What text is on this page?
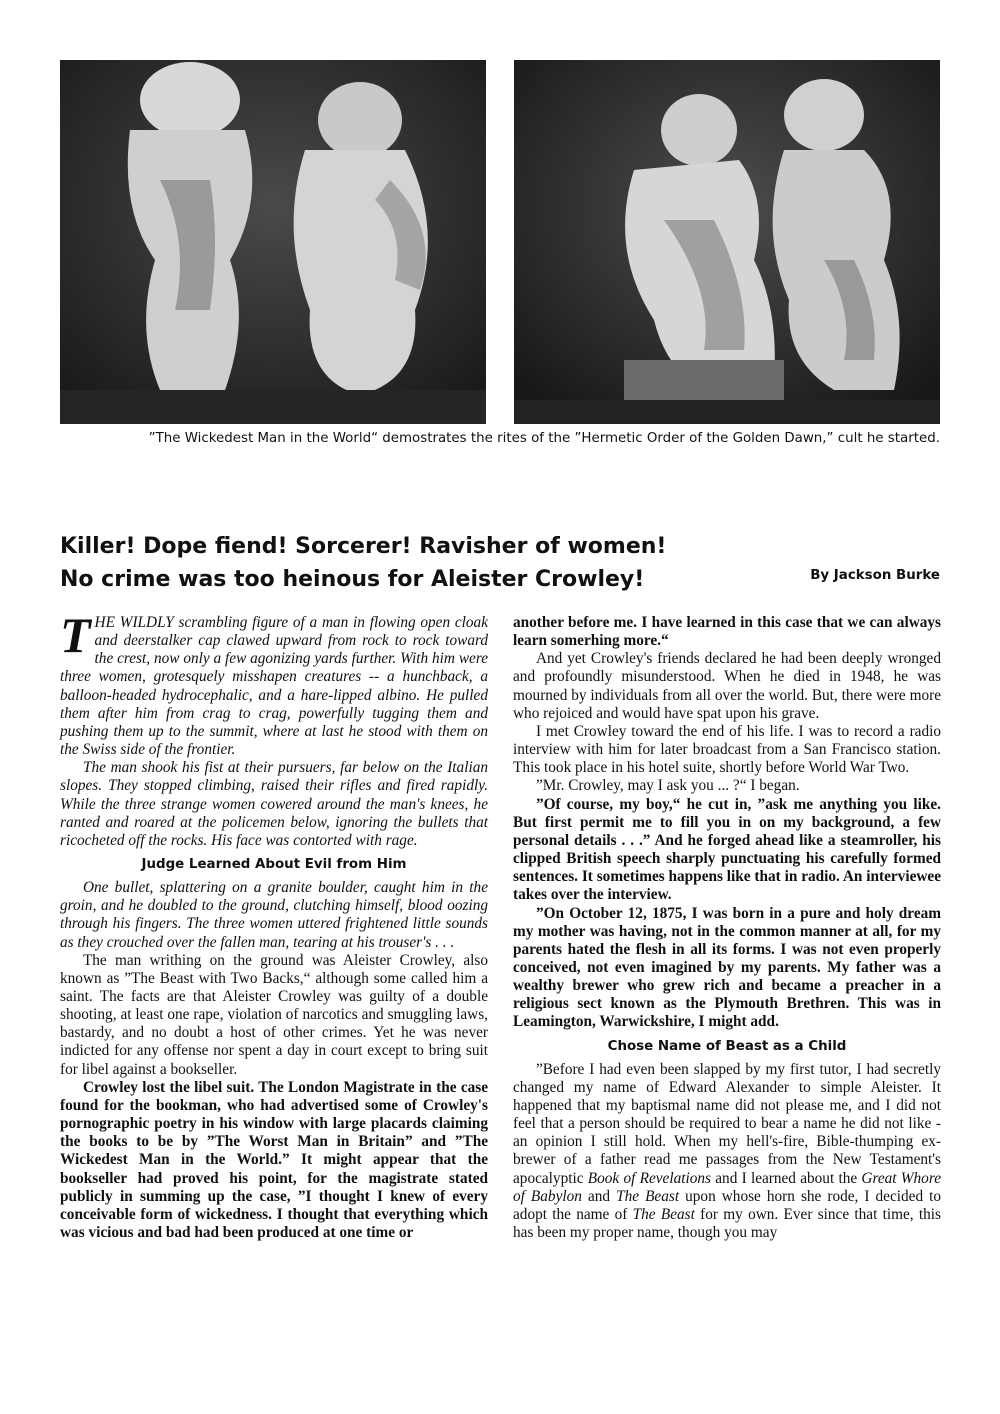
”The Wickedest Man in the World“ demostrates the rites of the ”Hermetic Order of the Golden Dawn,” cult he started.
Killer! Dope fiend! Sorcerer! Ravisher of women!
No crime was too heinous for Aleister Crowley!	By Jackson Burke

THE WILDLY scrambling figure of a man in flowing open cloak and deerstalker cap clawed upward from rock to rock toward the crest, now only a few agonizing yards further. With him were three women, grotesquely misshapen creatures -- a hunchback, a balloon-headed hydrocephalic, and a hare-lipped albino. He pulled them after him from crag to crag, powerfully tugging them and pushing them up to the summit, where at last he stood with them on the Swiss side of the frontier.

The man shook his fist at their pursuers, far below on the Italian slopes. They stopped climbing, raised their rifles and fired rapidly. While the three strange women cowered around the man's knees, he ranted and roared at the policemen below, ignoring the bullets that ricocheted off the rocks. His face was contorted with rage.

Judge Learned About Evil from Him

One bullet, splattering on a granite boulder, caught him in the groin, and he doubled to the ground, clutching himself, blood oozing through his fingers. The three women uttered frightened little sounds as they crouched over the fallen man, tearing at his trouser's . . .

The man writhing on the ground was Aleister Crowley, also known as ”The Beast with Two Backs,“ although some called him a saint. The facts are that Aleister Crowley was guilty of a double shooting, at least one rape, violation of narcotics and smuggling laws, bastardy, and no doubt a host of other crimes. Yet he was never indicted for any offense nor spent a day in court except to bring suit for libel against a bookseller.

Crowley lost the libel suit. The London Magistrate in the case found for the bookman, who had advertised some of Crowley's pornographic poetry in his window with large placards claiming the books to be by ”The Worst Man in Britain” and ”The Wickedest Man in the World.” It might appear that the bookseller had proved his point, for the magistrate stated publicly in summing up the case, ”I thought I knew of every conceivable form of wickedness. I thought that everything which was vicious and bad had been produced at one time or

another before me. I have learned in this case that we can always learn somerhing more.“

And yet Crowley's friends declared he had been deeply wronged and profoundly misunderstood. When he died in 1948, he was mourned by individuals from all over the world. But, there were more who rejoiced and would have spat upon his grave.

I met Crowley toward the end of his life. I was to record a radio interview with him for later broadcast from a San Francisco station. This took place in his hotel suite, shortly before World War Two.

”Mr. Crowley, may I ask you ... ?“ I began.

”Of course, my boy,“ he cut in, ”ask me anything you like. But first permit me to fill you in on my background, a few personal details . . .” And he forged ahead like a steamroller, his clipped British speech sharply punctuating his carefully formed sentences. It sometimes happens like that in radio. An interviewee takes over the interview.

”On October 12, 1875, I was born in a pure and holy dream my mother was having, not in the common manner at all, for my parents hated the flesh in all its forms. I was not even properly conceived, not even imagined by my parents. My father was a wealthy brewer who grew rich and became a preacher in a religious sect known as the Plymouth Brethren. This was in Leamington, Warwickshire, I might add.

Chose Name of Beast as a Child

”Before I had even been slapped by my first tutor, I had secretly changed my name of Edward Alexander to simple Aleister. It happened that my baptismal name did not please me, and I did not feel that a person should be required to bear a name he did not like - an opinion I still hold. When my hell's-fire, Bible-thumping ex-brewer of a father read me passages from the New Testament's apocalyptic Book of Revelations and I learned about the Great Whore of Babylon and The Beast upon whose horn she rode, I decided to adopt the name of The Beast for my own. Ever since that time, this has been my proper name, though you may
